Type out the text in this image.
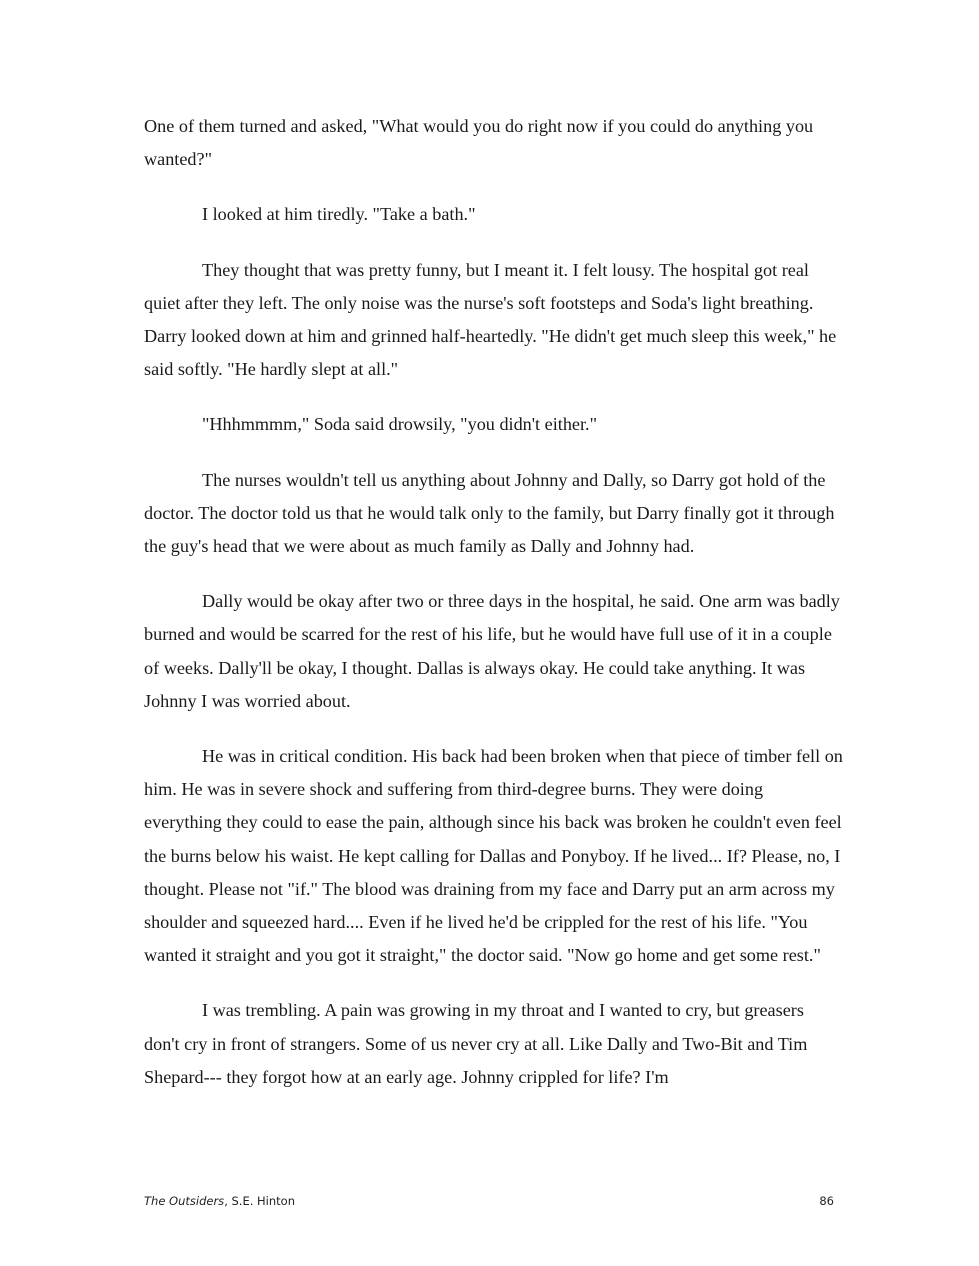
One of them turned and asked, "What would you do right now if you could do anything you wanted?"

I looked at him tiredly. "Take a bath."

They thought that was pretty funny, but I meant it. I felt lousy. The hospital got real quiet after they left. The only noise was the nurse's soft footsteps and Soda's light breathing. Darry looked down at him and grinned half-heartedly. "He didn't get much sleep this week," he said softly. "He hardly slept at all."

"Hhhmmmm," Soda said drowsily, "you didn't either."

The nurses wouldn't tell us anything about Johnny and Dally, so Darry got hold of the doctor. The doctor told us that he would talk only to the family, but Darry finally got it through the guy's head that we were about as much family as Dally and Johnny had.

Dally would be okay after two or three days in the hospital, he said. One arm was badly burned and would be scarred for the rest of his life, but he would have full use of it in a couple of weeks. Dally'll be okay, I thought. Dallas is always okay. He could take anything. It was Johnny I was worried about.

He was in critical condition. His back had been broken when that piece of timber fell on him. He was in severe shock and suffering from third-degree burns. They were doing everything they could to ease the pain, although since his back was broken he couldn't even feel the burns below his waist. He kept calling for Dallas and Ponyboy. If he lived... If? Please, no, I thought. Please not "if." The blood was draining from my face and Darry put an arm across my shoulder and squeezed hard.... Even if he lived he'd be crippled for the rest of his life. "You wanted it straight and you got it straight," the doctor said. "Now go home and get some rest."

I was trembling. A pain was growing in my throat and I wanted to cry, but greasers don't cry in front of strangers. Some of us never cry at all. Like Dally and Two-Bit and Tim Shepard--- they forgot how at an early age. Johnny crippled for life? I'm

The Outsiders, S.E. Hinton	86
